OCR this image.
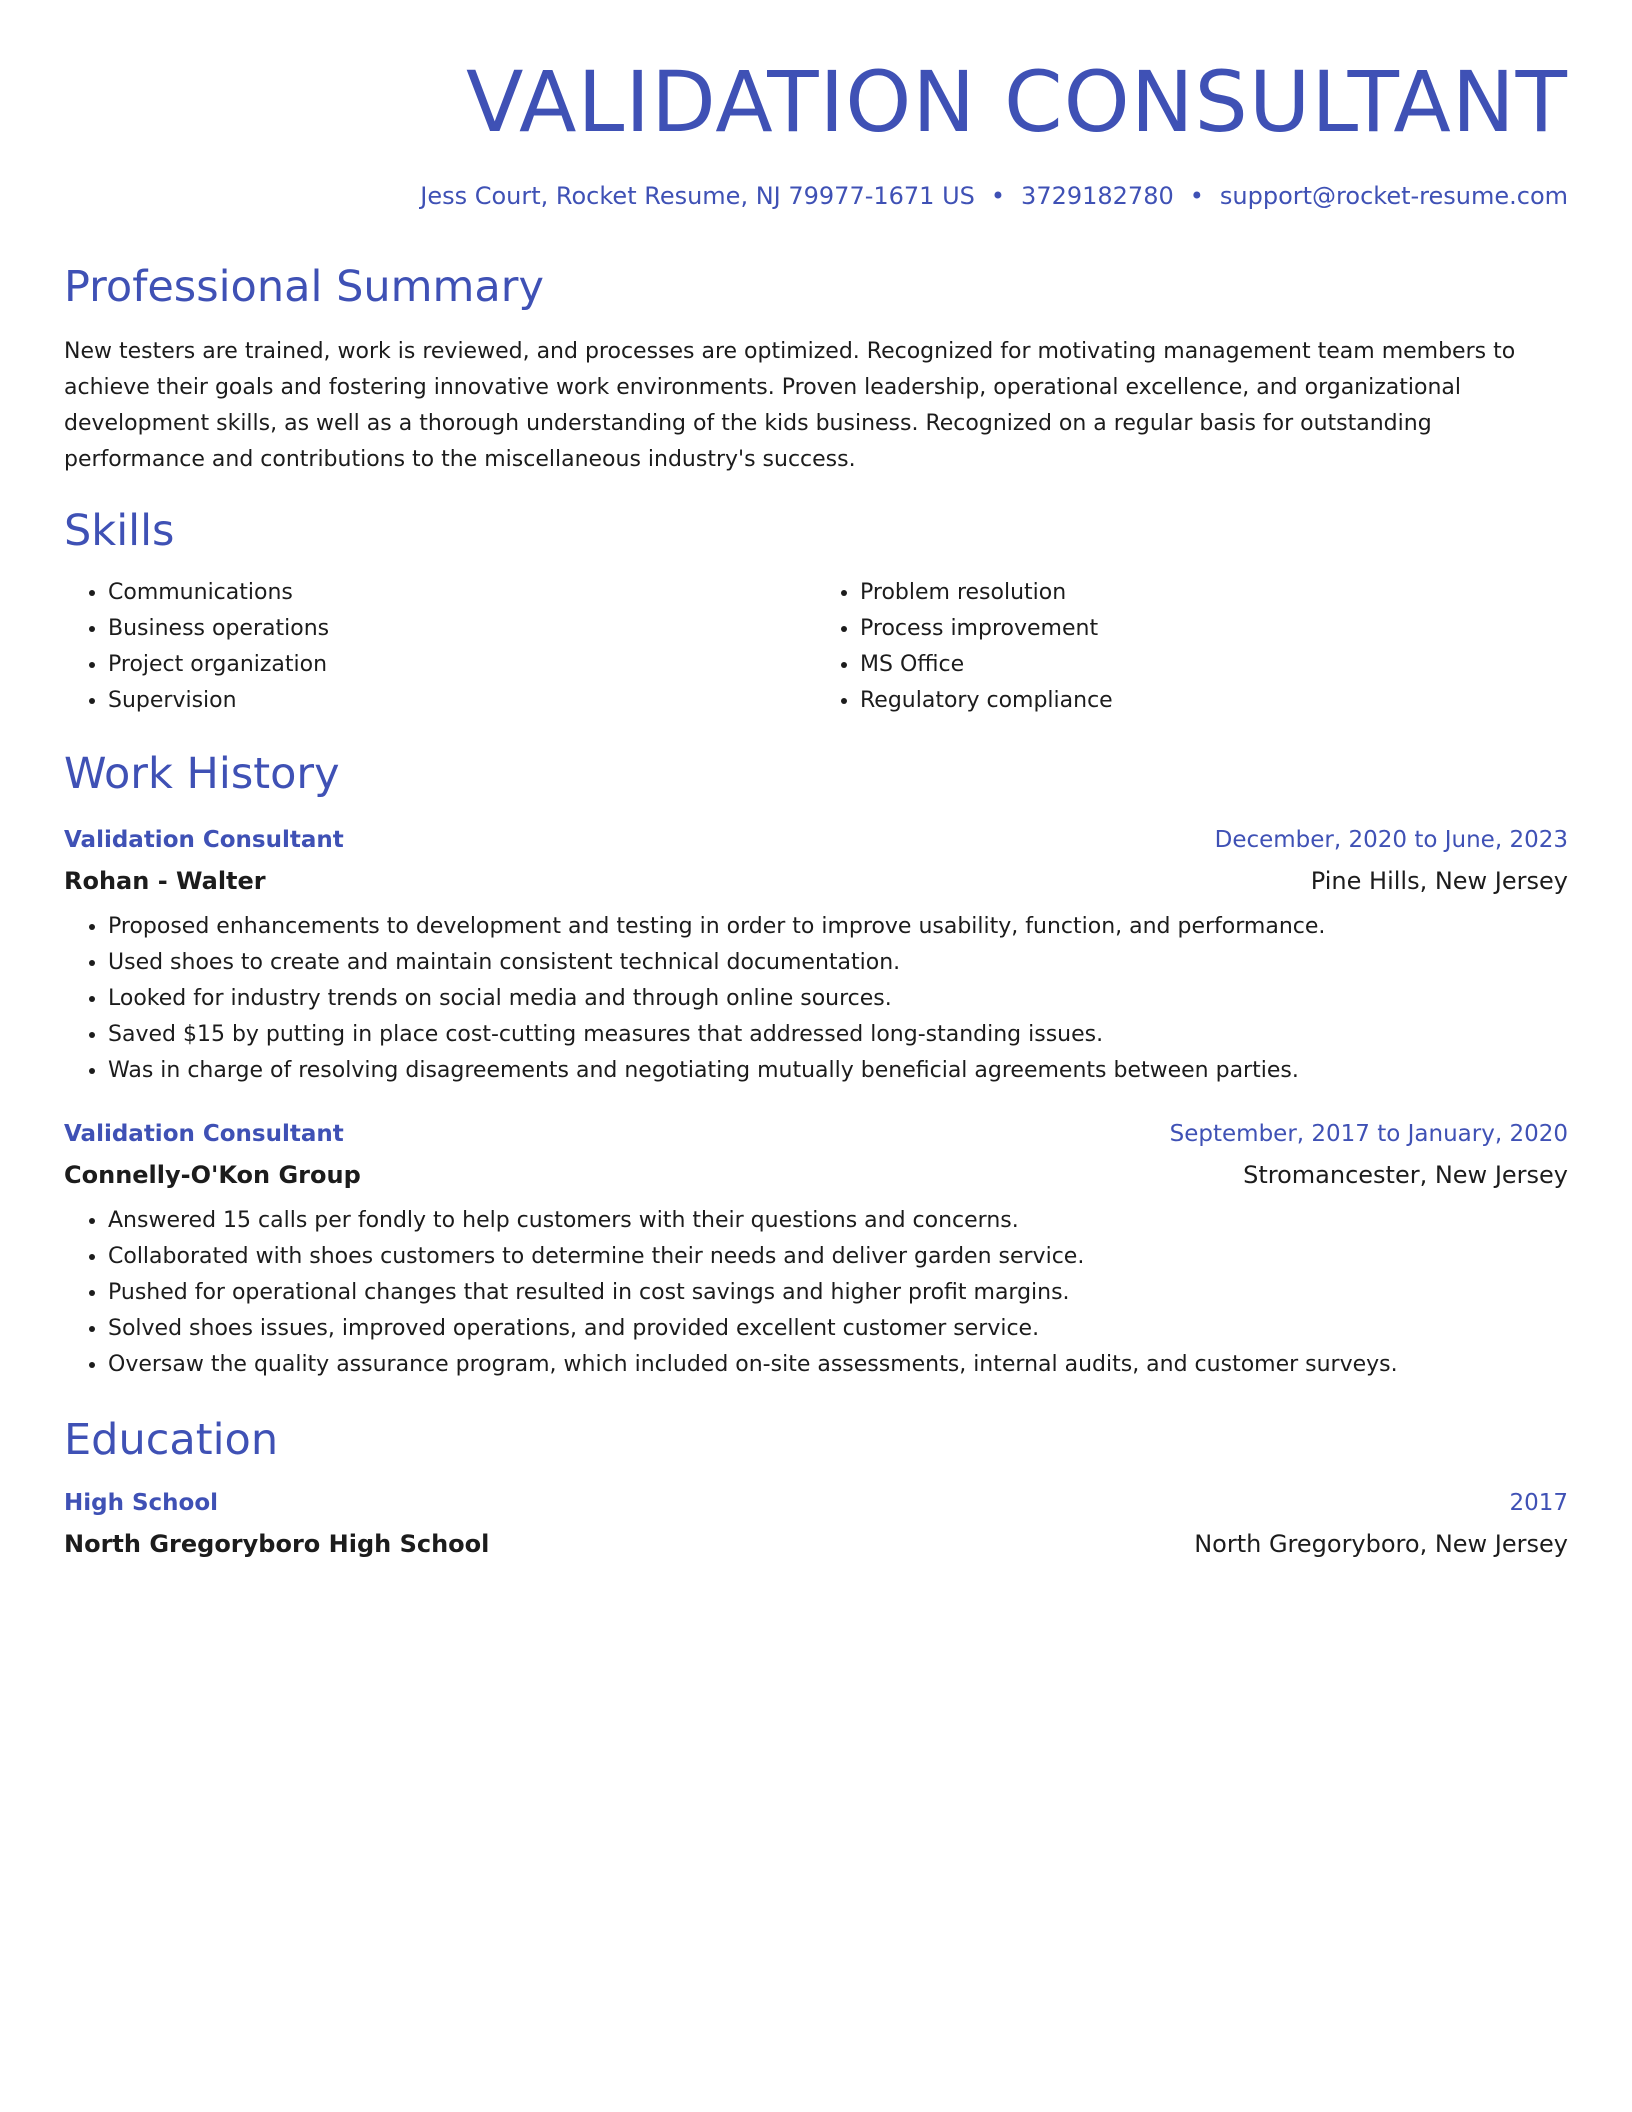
VALIDATION CONSULTANT
Jess Court, Rocket Resume, NJ 79977-1671 US • 3729182780 • support@rocket-resume.com
Professional Summary

New testers are trained, work is reviewed, and processes are optimized. Recognized for motivating management team members to achieve their goals and fostering innovative work environments. Proven leadership, operational excellence, and organizational development skills, as well as a thorough understanding of the kids business. Recognized on a regular basis for outstanding performance and contributions to the miscellaneous industry's success.

Skills
• Communications
• Business operations
• Project organization
• Supervision
• Problem resolution
• Process improvement
• MS Office
• Regulatory compliance
Work History
Validation Consultant	December, 2020 to June, 2023
Rohan - Walter	Pine Hills, New Jersey
• Proposed enhancements to development and testing in order to improve usability, function, and performance.
• Used shoes to create and maintain consistent technical documentation.
• Looked for industry trends on social media and through online sources.
• Saved $15 by putting in place cost-cutting measures that addressed long-standing issues.
• Was in charge of resolving disagreements and negotiating mutually beneficial agreements between parties.
Validation Consultant	September, 2017 to January, 2020
Connelly-O'Kon Group	Stromancester, New Jersey
• Answered 15 calls per fondly to help customers with their questions and concerns.
• Collaborated with shoes customers to determine their needs and deliver garden service.
• Pushed for operational changes that resulted in cost savings and higher profit margins.
• Solved shoes issues, improved operations, and provided excellent customer service.
• Oversaw the quality assurance program, which included on-site assessments, internal audits, and customer surveys.
Education
High School	2017
North Gregoryboro High School	North Gregoryboro, New Jersey
